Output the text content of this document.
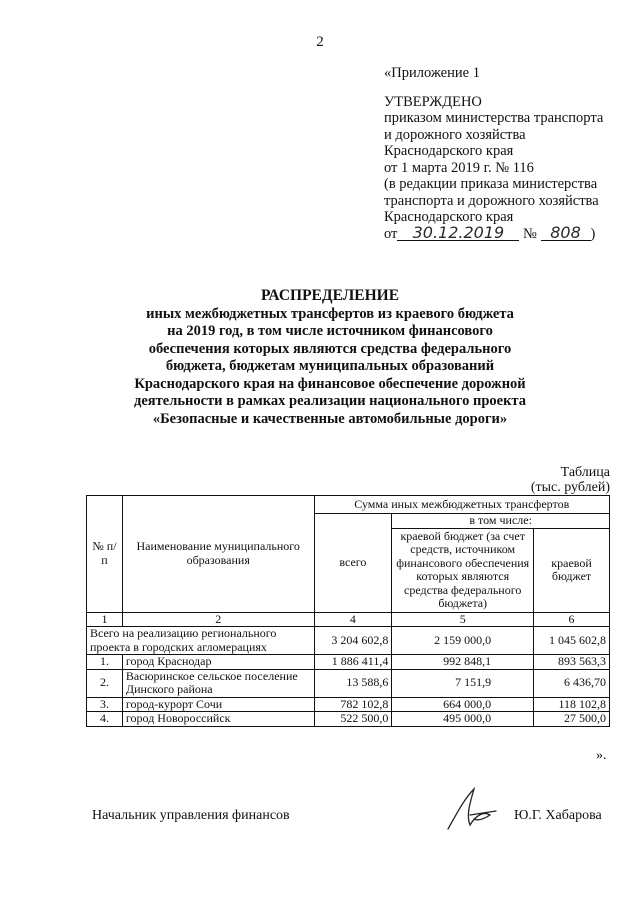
2
«Приложение 1
УТВЕРЖДЕНО
приказом министерства транспорта
и дорожного хозяйства
Краснодарского края
от 1 марта 2019 г. № 116
(в редакции приказа министерства
транспорта и дорожного хозяйства
Краснодарского края
от 30.12.2019 № 808 )
РАСПРЕДЕЛЕНИЕ
иных межбюджетных трансфертов из краевого бюджета
на 2019 год, в том числе источником финансового
обеспечения которых являются средства федерального
бюджета, бюджетам муниципальных образований
Краснодарского края на финансовое обеспечение дорожной
деятельности в рамках реализации национального проекта
«Безопасные и качественные автомобильные дороги»
Таблица
(тыс. рублей)
№ п/п	Наименование муниципального образования	Сумма иных межбюджетных трансфертов		
		всего	в том числе:	
			краевой бюджет (за счет средств, источником финансового обеспечения которых являются средства федерального бюджета)	краевой бюджет
1	2	4	5	6
Всего на реализацию регионального проекта в городских агломерациях		3 204 602,8	2 159 000,0	1 045 602,8
1.	город Краснодар	1 886 411,4	992 848,1	893 563,3
2.	Васюринское сельское поселение Динского района	13 588,6	7 151,9	6 436,70
3.	город-курорт Сочи	782 102,8	664 000,0	118 102,8
4.	город Новороссийск	522 500,0	495 000,0	27 500,0
».
Начальник управления финансов	Ю.Г. Хабарова
